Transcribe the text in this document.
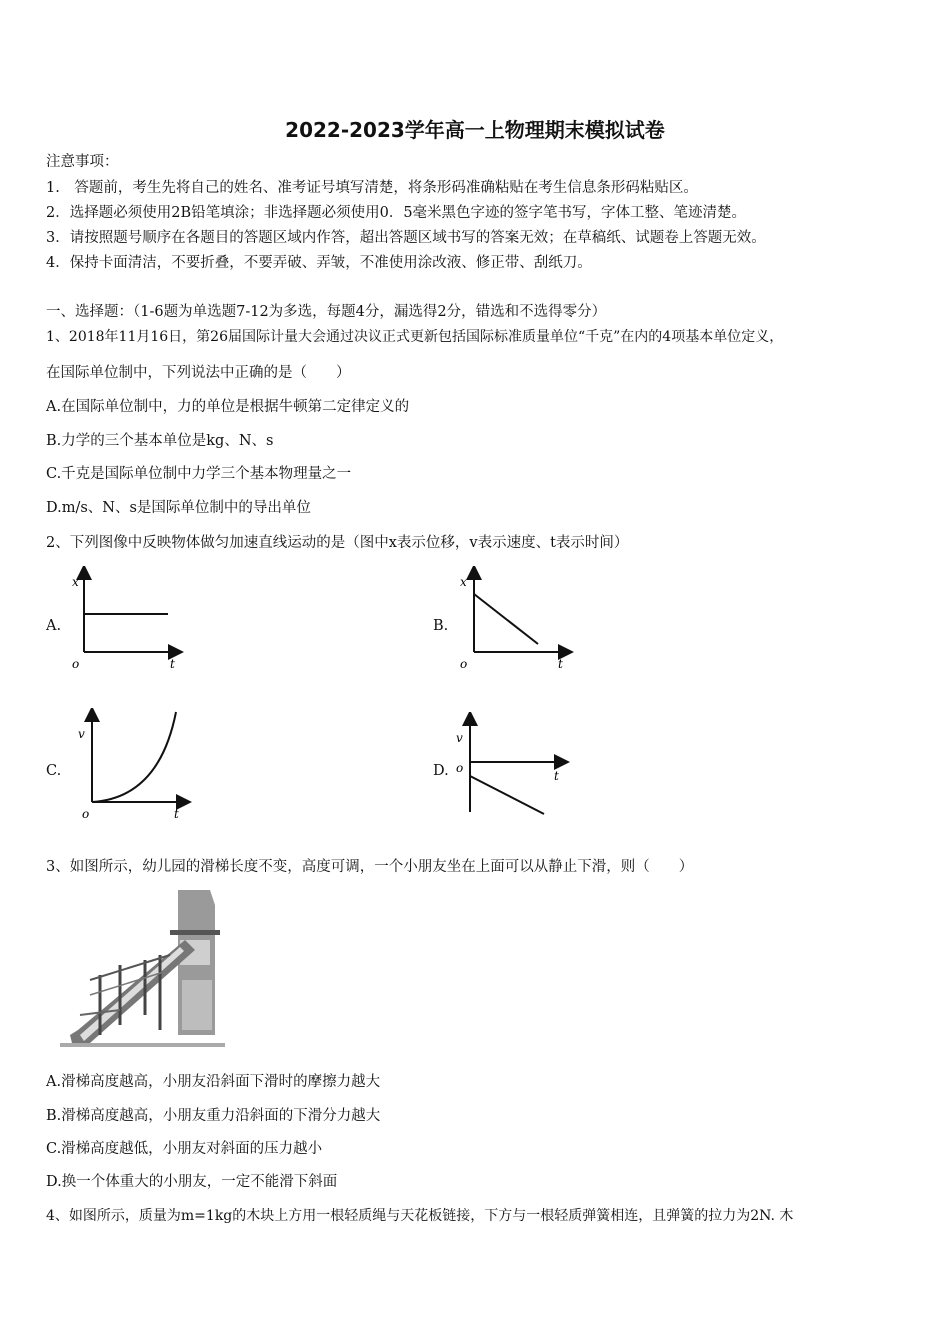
2022-2023学年高一上物理期末模拟试卷
注意事项：
1.　答题前，考生先将自己的姓名、准考证号填写清楚，将条形码准确粘贴在考生信息条形码粘贴区。
2．选择题必须使用2B铅笔填涂；非选择题必须使用0．5毫米黑色字迹的签字笔书写，字体工整、笔迹清楚。
3．请按照题号顺序在各题目的答题区域内作答，超出答题区域书写的答案无效；在草稿纸、试题卷上答题无效。
4．保持卡面清洁，不要折叠，不要弄破、弄皱，不准使用涂改液、修正带、刮纸刀。
一、选择题：（1-6题为单选题7-12为多选，每题4分，漏选得2分，错选和不选得零分）
1、2018年11月16日，第26届国际计量大会通过决议正式更新包括国际标准质量单位“千克”在内的4项基本单位定义，
在国际单位制中，下列说法中正确的是（　　）
A.在国际单位制中，力的单位是根据牛顿第二定律定义的
B.力学的三个基本单位是kg、N、s
C.千克是国际单位制中力学三个基本物理量之一
D.m/s、N、s是国际单位制中的导出单位
2、下列图像中反映物体做匀加速直线运动的是（图中x表示位移，v表示速度、t表示时间）
A.
x
o	t
B.
x
o	t
C.
v
o	t
D.
v
o
t
3、如图所示，幼儿园的滑梯长度不变，高度可调，一个小朋友坐在上面可以从静止下滑，则（　　）
A.滑梯高度越高，小朋友沿斜面下滑时的摩擦力越大
B.滑梯高度越高，小朋友重力沿斜面的下滑分力越大
C.滑梯高度越低，小朋友对斜面的压力越小
D.换一个体重大的小朋友，一定不能滑下斜面
4、如图所示，质量为m=1kg的木块上方用一根轻质绳与天花板链接，下方与一根轻质弹簧相连，且弹簧的拉力为2N. 木
